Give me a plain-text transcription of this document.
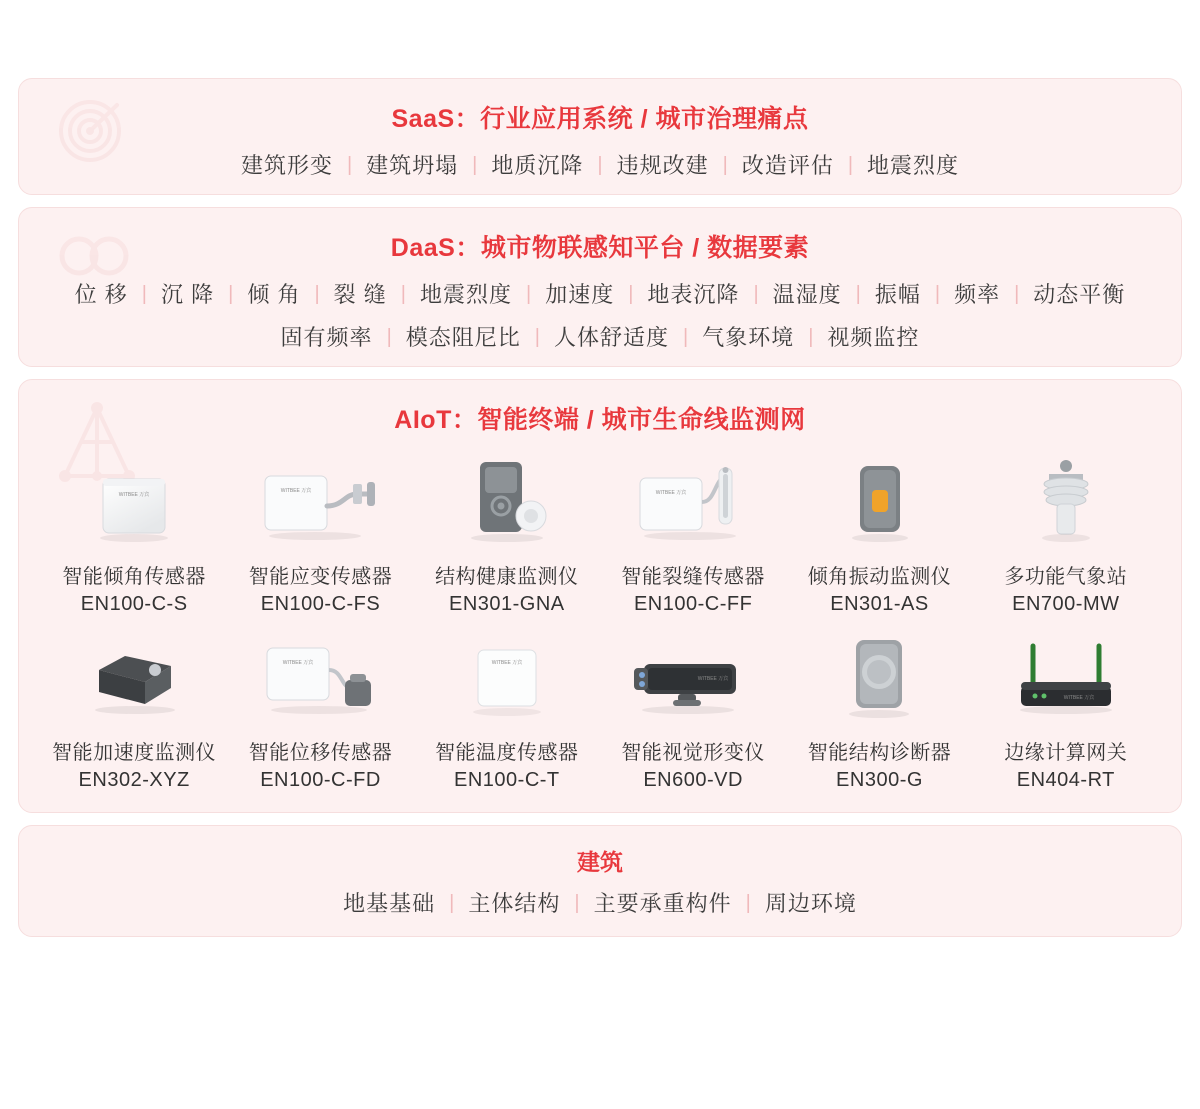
SaaS：行业应用系统 / 城市治理痛点
建筑形变 | 建筑坍塌 | 地质沉降 | 违规改建 | 改造评估 | 地震烈度
DaaS：城市物联感知平台 / 数据要素
位 移 | 沉 降 | 倾 角 | 裂 缝 | 地震烈度 | 加速度 | 地表沉降 | 温湿度 | 振幅 | 频率 | 动态平衡
固有频率 | 模态阻尼比 | 人体舒适度 | 气象环境 | 视频监控
AIoT：智能终端 / 城市生命线监测网
WITBEE 万宾
智能倾角传感器
EN100-C-S
WITBEE 万宾
智能应变传感器
EN100-C-FS
结构健康监测仪
EN301-GNA
WITBEE 万宾
智能裂缝传感器
EN100-C-FF
倾角振动监测仪
EN301-AS
多功能气象站
EN700-MW
智能加速度监测仪
EN302-XYZ
WITBEE 万宾
智能位移传感器
EN100-C-FD
WITBEE 万宾
智能温度传感器
EN100-C-T
WITBEE 万宾
智能视觉形变仪
EN600-VD
智能结构诊断器
EN300-G
WITBEE 万宾
边缘计算网关
EN404-RT
建筑
地基基础 | 主体结构 | 主要承重构件 | 周边环境
